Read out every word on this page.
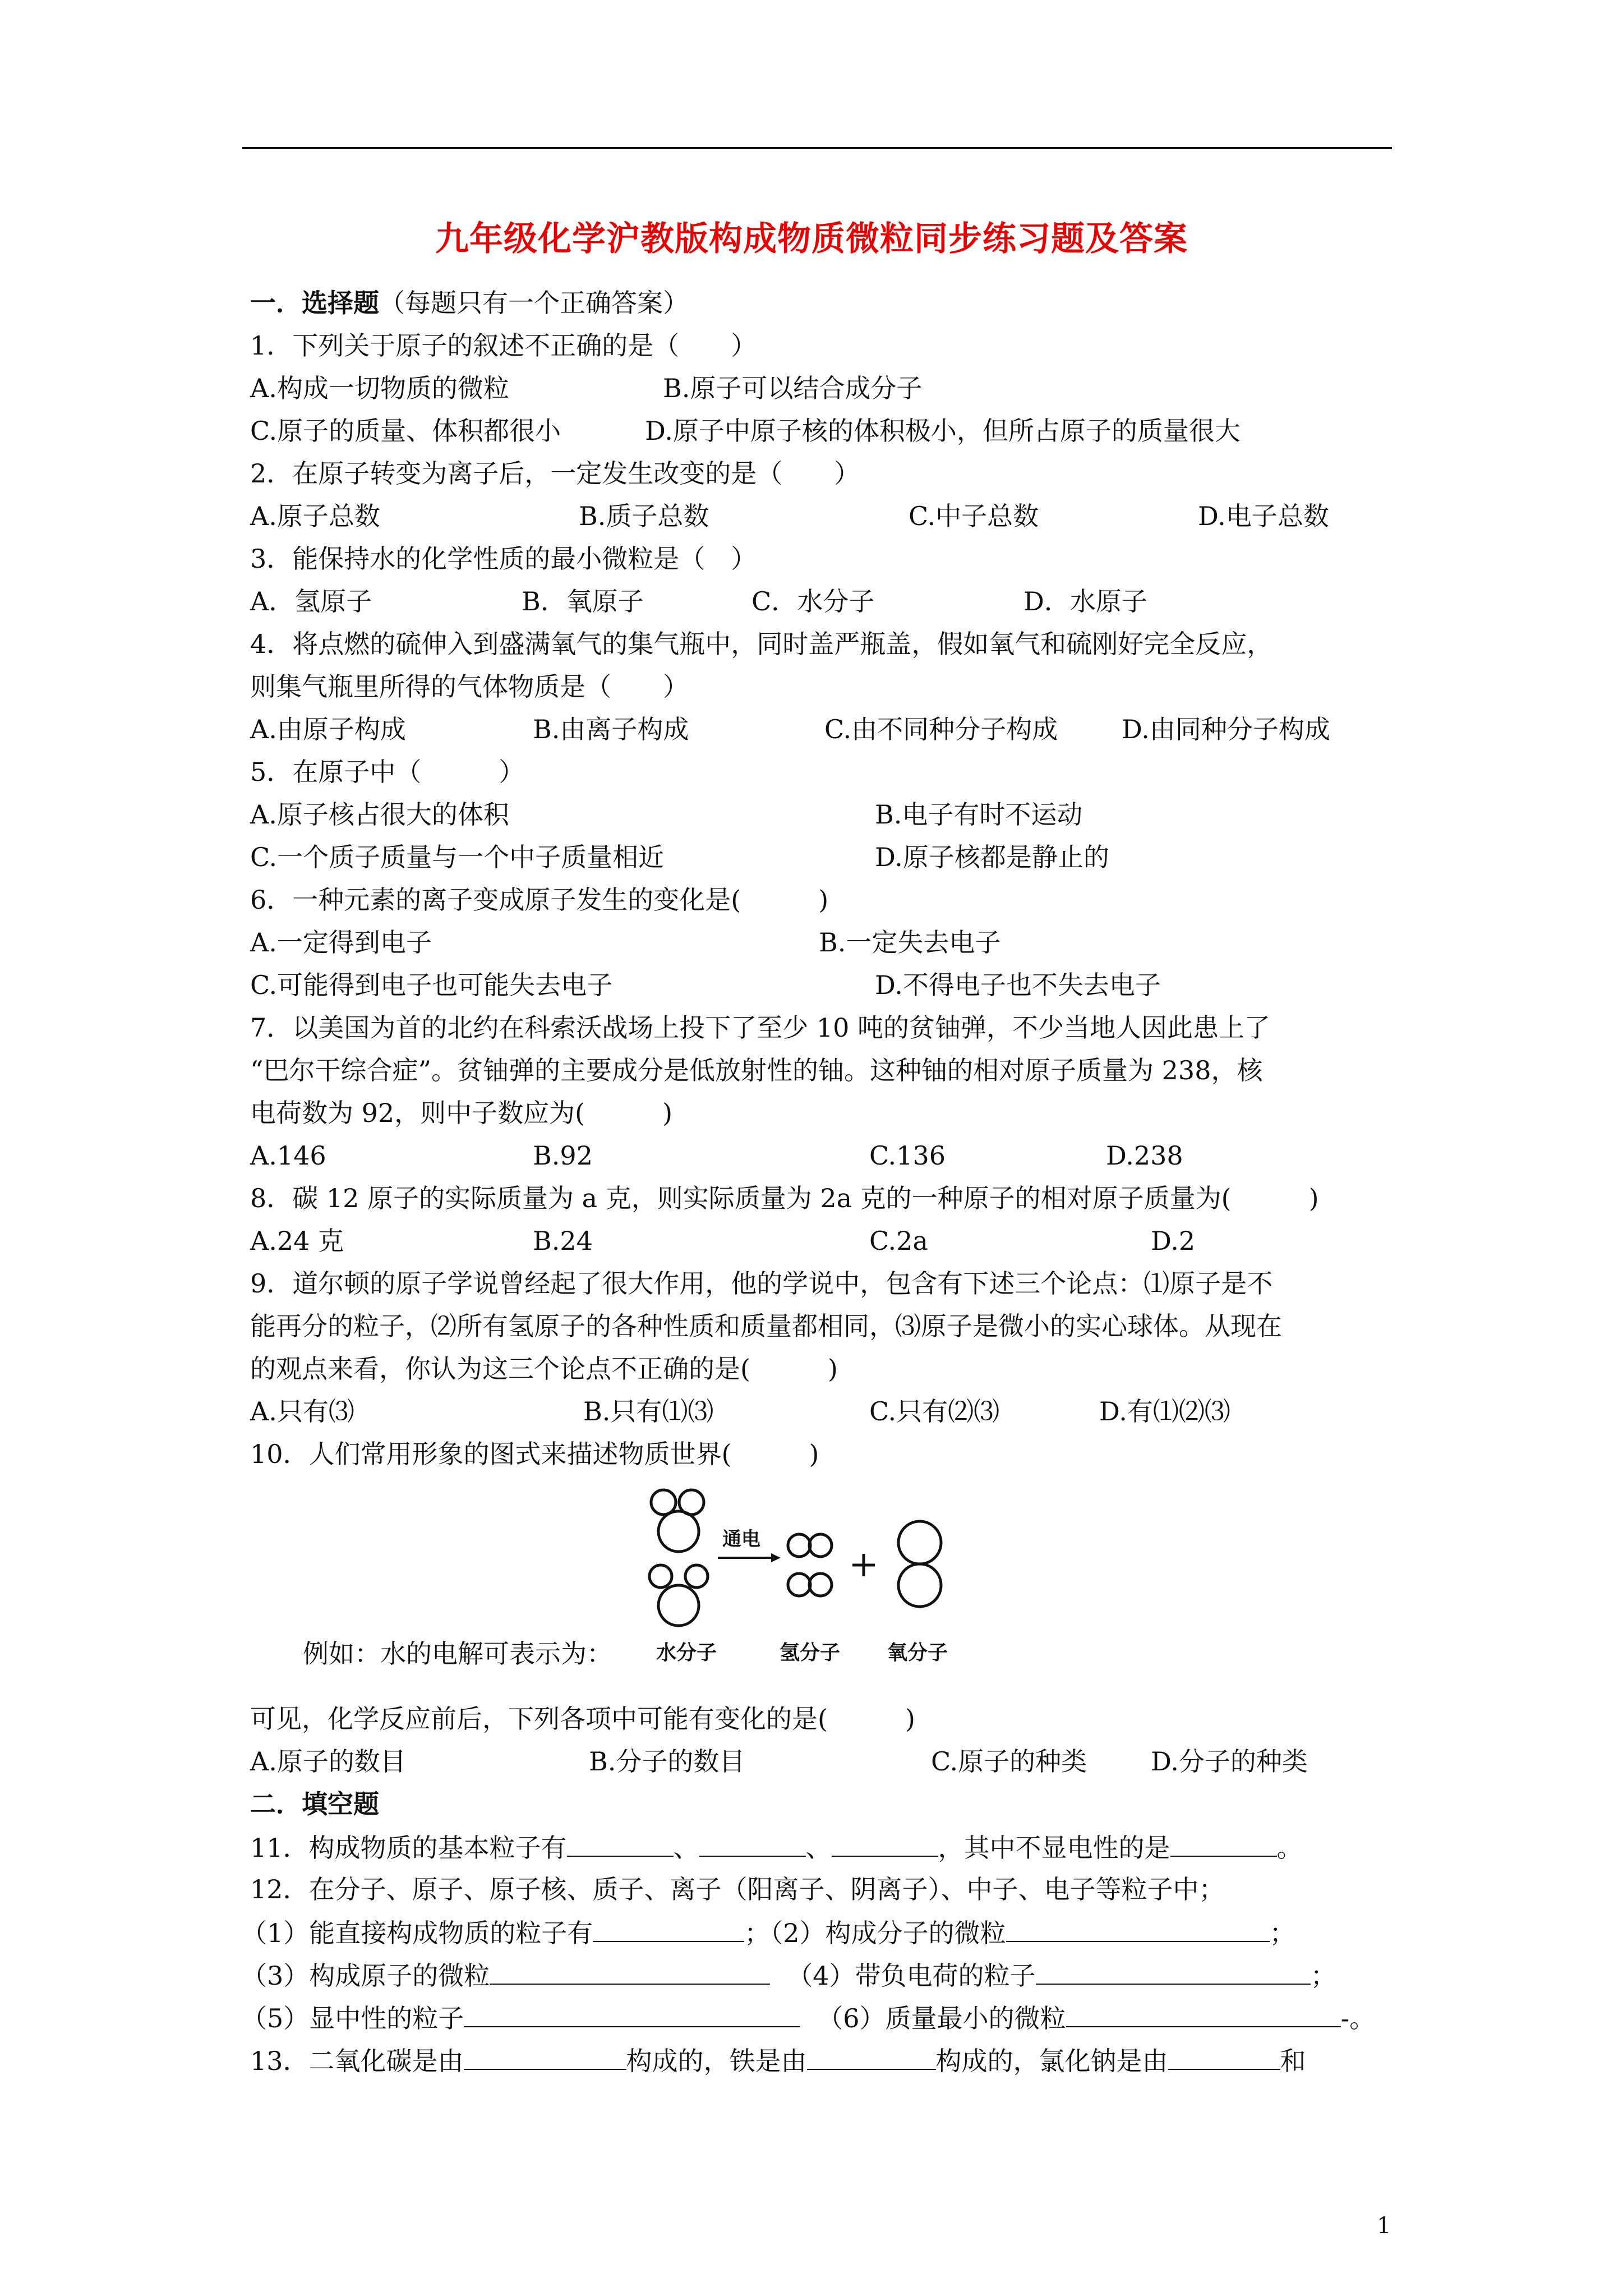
九年级化学沪教版构成物质微粒同步练习题及答案
一．选择题（每题只有一个正确答案）
1．下列关于原子的叙述不正确的是（　　）
A.构成一切物质的微粒	B.原子可以结合成分子
C.原子的质量、体积都很小	D.原子中原子核的体积极小，但所占原子的质量很大
2．在原子转变为离子后，一定发生改变的是（　　）
A.原子总数	B.质子总数	C.中子总数	D.电子总数
3．能保持水的化学性质的最小微粒是（　）
A．氢原子	B．氧原子	C．水分子	D．水原子
4．将点燃的硫伸入到盛满氧气的集气瓶中，同时盖严瓶盖，假如氧气和硫刚好完全反应，
则集气瓶里所得的气体物质是（　　）
A.由原子构成	B.由离子构成	C.由不同种分子构成 D.由同种分子构成
5．在原子中（　　　）
A.原子核占很大的体积	B.电子有时不运动
C.一个质子质量与一个中子质量相近	D.原子核都是静止的
6．一种元素的离子变成原子发生的变化是(　　　)
A.一定得到电子	B.一定失去电子
C.可能得到电子也可能失去电子	D.不得电子也不失去电子
7．以美国为首的北约在科索沃战场上投下了至少 10 吨的贫铀弹，不少当地人因此患上了
“巴尔干综合症”。贫铀弹的主要成分是低放射性的铀。这种铀的相对原子质量为 238，核
电荷数为 92，则中子数应为(　　　)
A.146	B.92	C.136	D.238
8．碳 12 原子的实际质量为 a 克，则实际质量为 2a 克的一种原子的相对原子质量为(　　　)
A.24 克	B.24	C.2a	D.2
9．道尔顿的原子学说曾经起了很大作用，他的学说中，包含有下述三个论点：⑴原子是不
能再分的粒子，⑵所有氢原子的各种性质和质量都相同，⑶原子是微小的实心球体。从现在
的观点来看，你认为这三个论点不正确的是(　　　)
A.只有⑶	B.只有⑴⑶	C.只有⑵⑶	D.有⑴⑵⑶
10．人们常用形象的图式来描述物质世界(　　　)
通电
水分子	氢分子 氧分子
例如：水的电解可表示为：
可见，化学反应前后，下列各项中可能有变化的是(　　　)
A.原子的数目	B.分子的数目	C.原子的种类 D.分子的种类
二．填空题
11．构成物质的基本粒子有	、	、	，其中不显电性的是	。
12．在分子、原子、原子核、质子、离子（阳离子、阴离子）、中子、电子等粒子中；
（1）能直接构成物质的粒子有	；（2）构成分子的微粒	；
（3）构成原子的微粒	（4）带负电荷的粒子	；
（5）显中性的粒子	（6）质量最小的微粒	-。
13．二氧化碳是由	构成的，铁是由	构成的，氯化钠是由	和
1
